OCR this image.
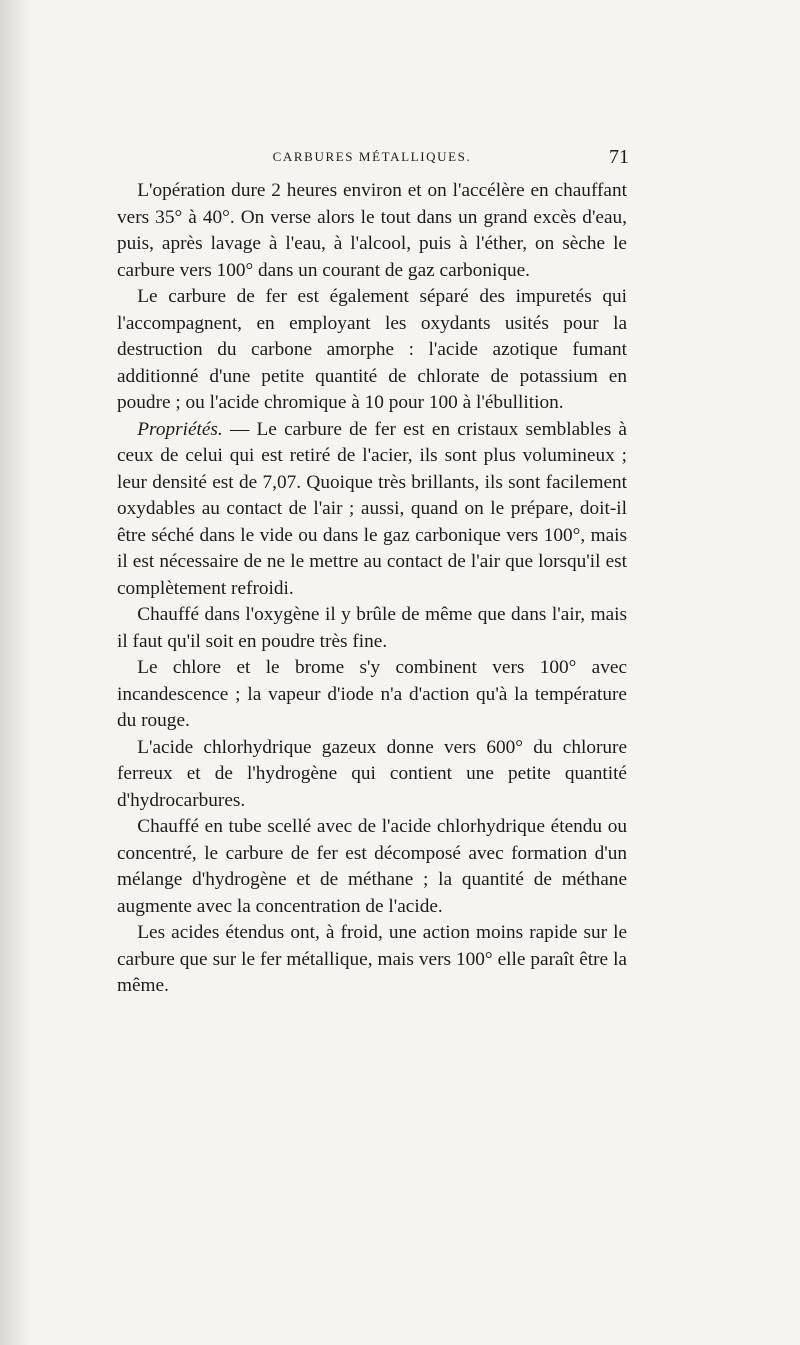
CARBURES MÉTALLIQUES.	71

L'opération dure 2 heures environ et on l'accélère en chauffant vers 35° à 40°. On verse alors le tout dans un grand excès d'eau, puis, après lavage à l'eau, à l'alcool, puis à l'éther, on sèche le carbure vers 100° dans un courant de gaz carbonique.

Le carbure de fer est également séparé des impuretés qui l'accompagnent, en employant les oxydants usités pour la destruction du carbone amorphe : l'acide azotique fumant additionné d'une petite quantité de chlorate de potassium en poudre ; ou l'acide chromique à 10 pour 100 à l'ébullition.

Propriétés. — Le carbure de fer est en cristaux semblables à ceux de celui qui est retiré de l'acier, ils sont plus volumineux ; leur densité est de 7,07. Quoique très brillants, ils sont facilement oxydables au contact de l'air ; aussi, quand on le prépare, doit-il être séché dans le vide ou dans le gaz carbonique vers 100°, mais il est nécessaire de ne le mettre au contact de l'air que lorsqu'il est complètement refroidi.

Chauffé dans l'oxygène il y brûle de même que dans l'air, mais il faut qu'il soit en poudre très fine.

Le chlore et le brome s'y combinent vers 100° avec incandescence ; la vapeur d'iode n'a d'action qu'à la température du rouge.

L'acide chlorhydrique gazeux donne vers 600° du chlorure ferreux et de l'hydrogène qui contient une petite quantité d'hydrocarbures.

Chauffé en tube scellé avec de l'acide chlorhydrique étendu ou concentré, le carbure de fer est décomposé avec formation d'un mélange d'hydrogène et de méthane ; la quantité de méthane augmente avec la concentration de l'acide.

Les acides étendus ont, à froid, une action moins rapide sur le carbure que sur le fer métallique, mais vers 100° elle paraît être la même.
